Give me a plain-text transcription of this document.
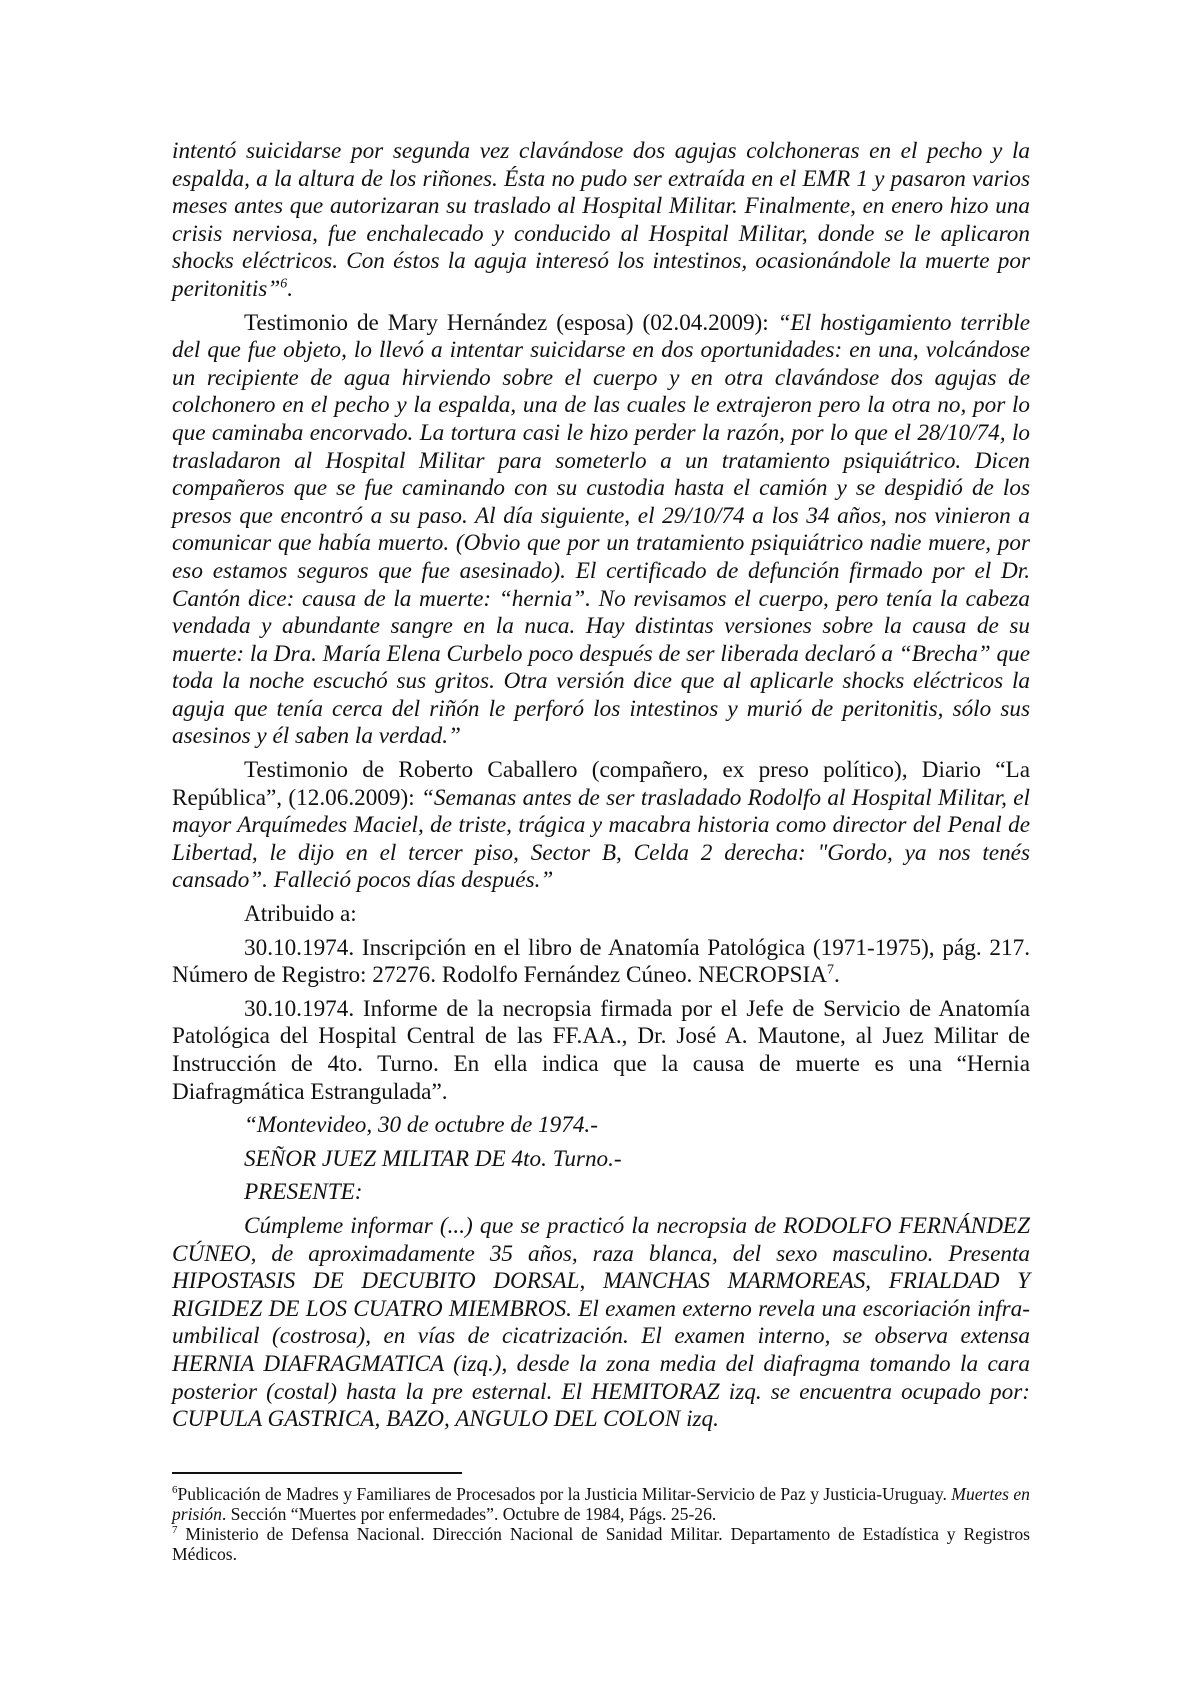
intentó suicidarse por segunda vez clavándose dos agujas colchoneras en el pecho y la espalda, a la altura de los riñones. Ésta no pudo ser extraída en el EMR 1 y pasaron varios meses antes que autorizaran su traslado al Hospital Militar. Finalmente, en enero hizo una crisis nerviosa, fue enchalecado y conducido al Hospital Militar, donde se le aplicaron shocks eléctricos. Con éstos la aguja interesó los intestinos, ocasionándole la muerte por peritonitis”$^6$.

Testimonio de Mary Hernández (esposa) (02.04.2009): “El hostigamiento terrible del que fue objeto, lo llevó a intentar suicidarse en dos oportunidades: en una, volcándose un recipiente de agua hirviendo sobre el cuerpo y en otra clavándose dos agujas de colchonero en el pecho y la espalda, una de las cuales le extrajeron pero la otra no, por lo que caminaba encorvado. La tortura casi le hizo perder la razón, por lo que el 28/10/74, lo trasladaron al Hospital Militar para someterlo a un tratamiento psiquiátrico. Dicen compañeros que se fue caminando con su custodia hasta el camión y se despidió de los presos que encontró a su paso. Al día siguiente, el 29/10/74 a los 34 años, nos vinieron a comunicar que había muerto. (Obvio que por un tratamiento psiquiátrico nadie muere, por eso estamos seguros que fue asesinado). El certificado de defunción firmado por el Dr. Cantón dice: causa de la muerte: “hernia”. No revisamos el cuerpo, pero tenía la cabeza vendada y abundante sangre en la nuca. Hay distintas versiones sobre la causa de su muerte: la Dra. María Elena Curbelo poco después de ser liberada declaró a “Brecha” que toda la noche escuchó sus gritos. Otra versión dice que al aplicarle shocks eléctricos la aguja que tenía cerca del riñón le perforó los intestinos y murió de peritonitis, sólo sus asesinos y él saben la verdad.”

Testimonio de Roberto Caballero (compañero, ex preso político), Diario “La República”, (12.06.2009): “Semanas antes de ser trasladado Rodolfo al Hospital Militar, el mayor Arquímedes Maciel, de triste, trágica y macabra historia como director del Penal de Libertad, le dijo en el tercer piso, Sector B, Celda 2 derecha: "Gordo, ya nos tenés cansado”. Falleció pocos días después.”

Atribuido a:

30.10.1974. Inscripción en el libro de Anatomía Patológica (1971-1975), pág. 217. Número de Registro: 27276. Rodolfo Fernández Cúneo. NECROPSIA$^7$.

30.10.1974. Informe de la necropsia firmada por el Jefe de Servicio de Anatomía Patológica del Hospital Central de las FF.AA., Dr. José A. Mautone, al Juez Militar de Instrucción de 4to. Turno. En ella indica que la causa de muerte es una “Hernia Diafragmática Estrangulada”.

“Montevideo, 30 de octubre de 1974.-

SEÑOR JUEZ MILITAR DE 4to. Turno.-

PRESENTE:

Cúmpleme informar (...) que se practicó la necropsia de RODOLFO FERNÁNDEZ CÚNEO, de aproximadamente 35 años, raza blanca, del sexo masculino. Presenta HIPOSTASIS DE DECUBITO DORSAL, MANCHAS MARMOREAS, FRIALDAD Y RIGIDEZ DE LOS CUATRO MIEMBROS. El examen externo revela una escoriación infra-umbilical (costrosa), en vías de cicatrización. El examen interno, se observa extensa HERNIA DIAFRAGMATICA (izq.), desde la zona media del diafragma tomando la cara posterior (costal) hasta la pre esternal. El HEMITORAZ izq. se encuentra ocupado por: CUPULA GASTRICA, BAZO, ANGULO DEL COLON izq.

$^6$Publicación de Madres y Familiares de Procesados por la Justicia Militar-Servicio de Paz y Justicia-Uruguay. Muertes en prisión. Sección “Muertes por enfermedades”. Octubre de 1984, Págs. 25-26.

$^7$ Ministerio de Defensa Nacional. Dirección Nacional de Sanidad Militar. Departamento de Estadística y Registros Médicos.
